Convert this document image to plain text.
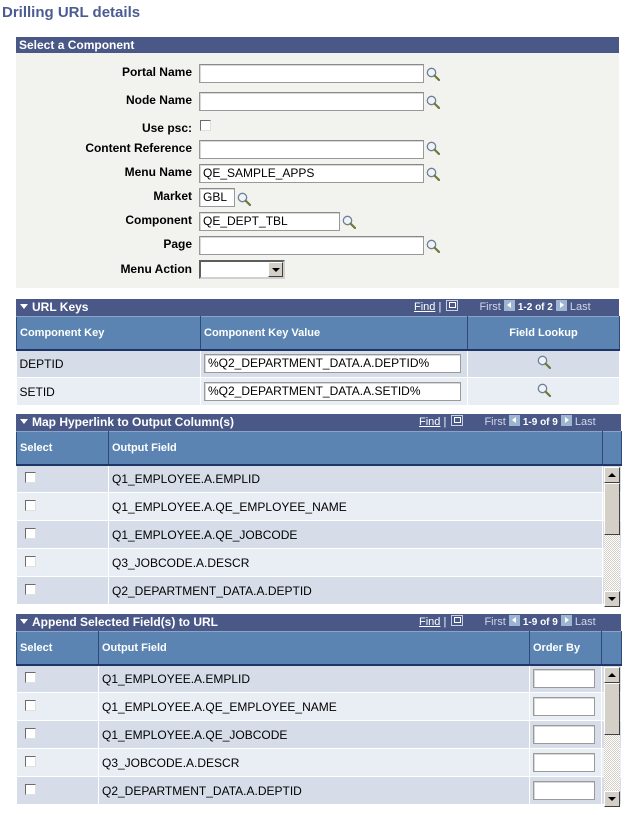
Drilling URL details
Select a Component
Portal Name
Node Name
Use psc:
Content Reference
Menu Name QE_SAMPLE_APPS
Market GBL
Component QE_DEPT_TBL
Page
Menu Action
URL Keys	Find |	First 1-2 of 2 Last
Component Key	Component Key Value	Field Lookup
DEPTID	%Q2_DEPARTMENT_DATA.A.DEPTID%

SETID	%Q2_DEPARTMENT_DATA.A.SETID%

Map Hyperlink to Output Column(s)	Find |	First 1-9 of 9 Last
Select	Output Field	
	Q1_EMPLOYEE.A.EMPLID	
	Q1_EMPLOYEE.A.QE_EMPLOYEE_NAME	
	Q1_EMPLOYEE.A.QE_JOBCODE	
	Q3_JOBCODE.A.DESCR	
	Q2_DEPARTMENT_DATA.A.DEPTID	
Append Selected Field(s) to URL	Find |	First 1-9 of 9 Last
Select	Output Field	Order By	
	Q1_EMPLOYEE.A.EMPLID	

	Q1_EMPLOYEE.A.QE_EMPLOYEE_NAME	

	Q1_EMPLOYEE.A.QE_JOBCODE	

	Q3_JOBCODE.A.DESCR	

	Q2_DEPARTMENT_DATA.A.DEPTID	
